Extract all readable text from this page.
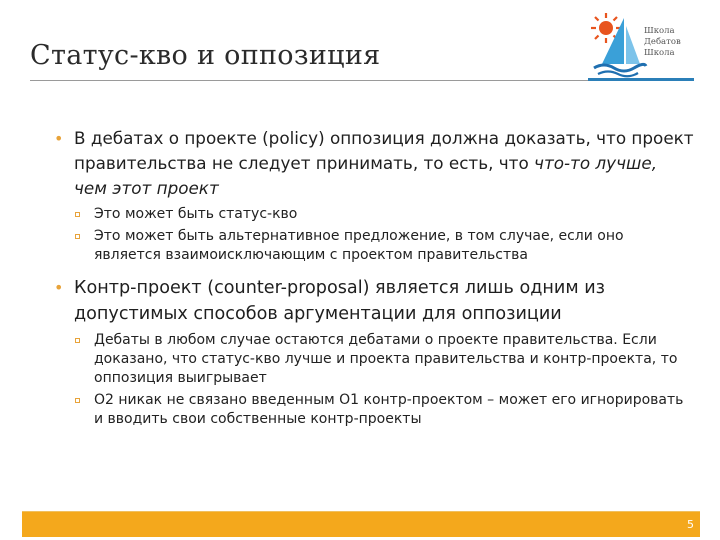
Статус-кво и оппозиция
Школа
Дебатов
Школа
• В дебатах о проекте (policy) оппозиция должна доказать, что проект правительства не следует принимать, то есть, что что-то лучше, чем этот проект
Это может быть статус-кво
Это может быть альтернативное предложение, в том случае, если оно является взаимоисключающим с проектом правительства
• Контр-проект (counter-proposal) является лишь одним из допустимых способов аргументации для оппозиции
Дебаты в любом случае остаются дебатами о проекте правительства. Если доказано, что статус-кво лучше и проекта правительства и контр-проекта, то оппозиция выигрывает
О2 никак не связано введенным О1 контр-проектом – может его игнорировать и вводить свои собственные контр-проекты
5
